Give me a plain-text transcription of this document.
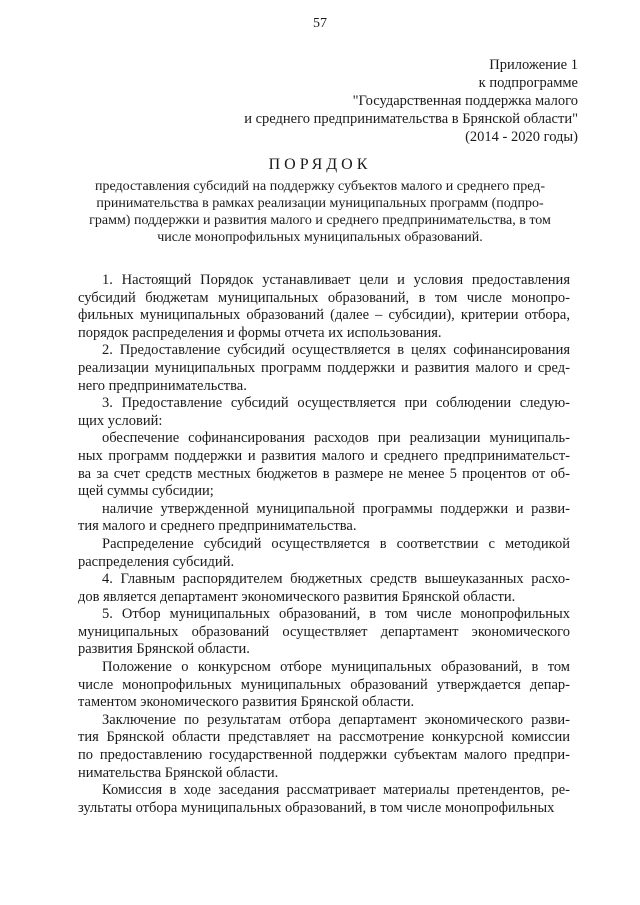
57
Приложение 1
к подпрограмме
"Государственная поддержка малого
и среднего предпринимательства в Брянской области"
(2014 - 2020 годы)
ПОРЯДОК
предоставления субсидий на поддержку субъектов малого и среднего пред-
принимательства в рамках реализации муниципальных программ (подпро-
грамм) поддержки и развития малого и среднего предпринимательства, в том
числе монопрофильных муниципальных образований.

1. Настоящий Порядок устанавливает цели и условия предоставления
субсидий бюджетам муниципальных образований, в том числе монопро-
фильных муниципальных образований (далее – субсидии), критерии отбора,
порядок распределения и формы отчета их использования.

2. Предоставление субсидий осуществляется в целях софинансирования
реализации муниципальных программ поддержки и развития малого и сред-
него предпринимательства.

3. Предоставление субсидий осуществляется при соблюдении следую-
щих условий:

обеспечение софинансирования расходов при реализации муниципаль-
ных программ поддержки и развития малого и среднего предпринимательст-
ва за счет средств местных бюджетов в размере не менее 5 процентов от об-
щей суммы субсидии;

наличие утвержденной муниципальной программы поддержки и разви-
тия малого и среднего предпринимательства.

Распределение субсидий осуществляется в соответствии с методикой
распределения субсидий.

4. Главным распорядителем бюджетных средств вышеуказанных расхо-
дов является департамент экономического развития Брянской области.

5. Отбор муниципальных образований, в том числе монопрофильных
муниципальных образований осуществляет департамент экономического
развития Брянской области.

Положение о конкурсном отборе муниципальных образований, в том
числе монопрофильных муниципальных образований утверждается депар-
таментом экономического развития Брянской области.

Заключение по результатам отбора департамент экономического разви-
тия Брянской области представляет на рассмотрение конкурсной комиссии
по предоставлению государственной поддержки субъектам малого предпри-
нимательства Брянской области.

Комиссия в ходе заседания рассматривает материалы претендентов, ре-
зультаты отбора муниципальных образований, в том числе монопрофильных
